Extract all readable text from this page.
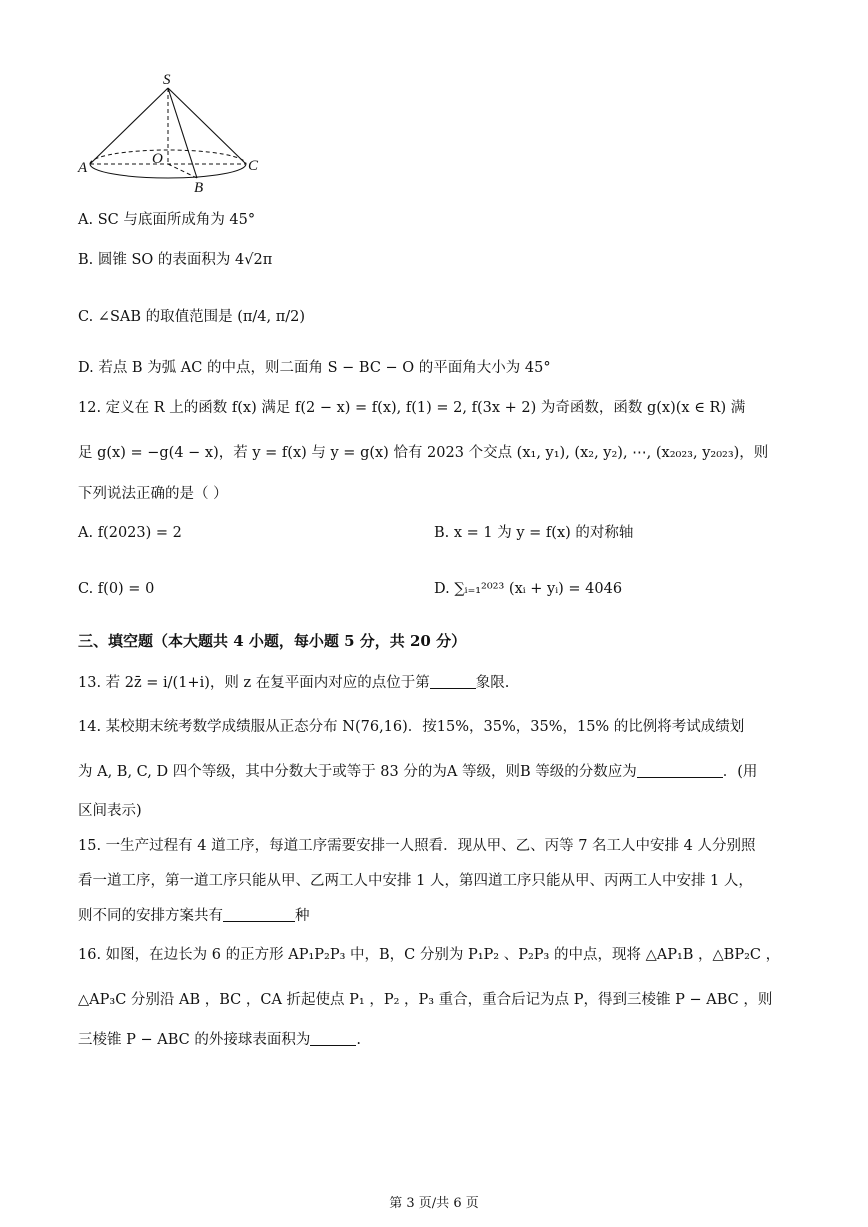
S
O
A
B
C
A. SC 与底面所成角为 45°
B. 圆锥 SO 的表面积为 4√2π
C. ∠SAB 的取值范围是 (π/4, π/2)
D. 若点 B 为弧 AC 的中点，则二面角 S − BC − O 的平面角大小为 45°
12. 定义在 R 上的函数 f(x) 满足 f(2 − x) = f(x), f(1) = 2, f(3x + 2) 为奇函数，函数 g(x)(x ∈ R) 满
足 g(x) = −g(4 − x)，若 y = f(x) 与 y = g(x) 恰有 2023 个交点 (x₁, y₁), (x₂, y₂), ⋯, (x₂₀₂₃, y₂₀₂₃)，则
下列说法正确的是（ ）
A. f(2023) = 2	B. x = 1 为 y = f(x) 的对称轴
C. f(0) = 0	D. ∑ᵢ₌₁²⁰²³ (xᵢ + yᵢ) = 4046
三、填空题（本大题共 4 小题，每小题 5 分，共 20 分）
13. 若 2z̄ = i/(1+i)，则 z 在复平面内对应的点位于第	象限.
14. 某校期末统考数学成绩服从正态分布 N(76,16)．按15%，35%，35%，15% 的比例将考试成绩划
为 A, B, C, D 四个等级，其中分数大于或等于 83 分的为A 等级，则B 等级的分数应为	．(用
区间表示)
15. 一生产过程有 4 道工序，每道工序需要安排一人照看．现从甲、乙、丙等 7 名工人中安排 4 人分别照
看一道工序，第一道工序只能从甲、乙两工人中安排 1 人，第四道工序只能从甲、丙两工人中安排 1 人，
则不同的安排方案共有	种
16. 如图，在边长为 6 的正方形 AP₁P₂P₃ 中，B，C 分别为 P₁P₂ 、P₂P₃ 的中点，现将 △AP₁B ，△BP₂C ，
△AP₃C 分别沿 AB ，BC ，CA 折起使点 P₁ ，P₂ ，P₃ 重合，重合后记为点 P，得到三棱锥 P − ABC ，则
三棱锥 P − ABC 的外接球表面积为	.
第 3 页/共 6 页
